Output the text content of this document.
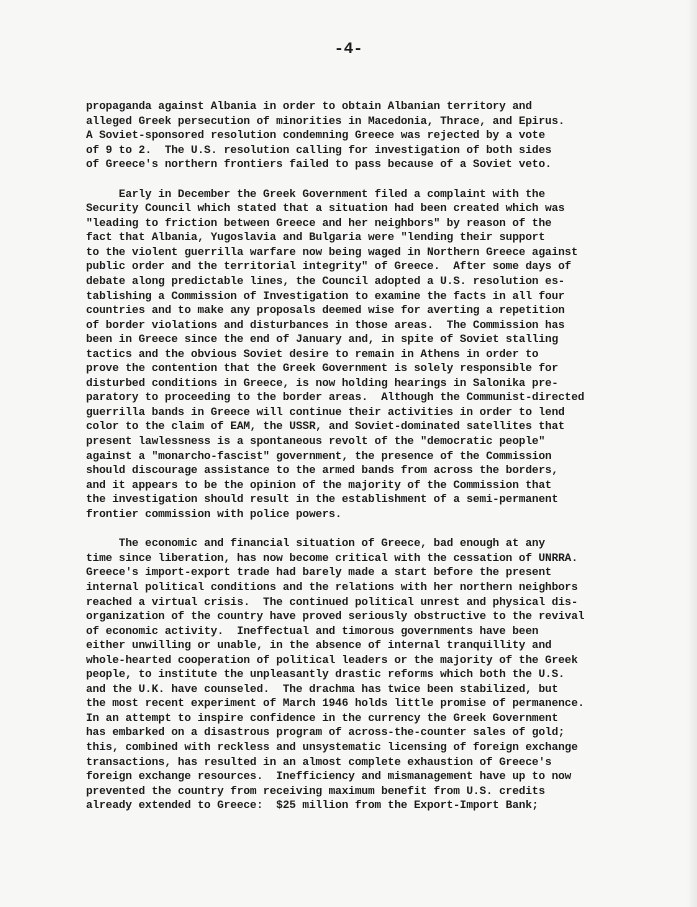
-4-
propaganda against Albania in order to obtain Albanian territory and
alleged Greek persecution of minorities in Macedonia, Thrace, and Epirus.
A Soviet-sponsored resolution condemning Greece was rejected by a vote
of 9 to 2.  The U.S. resolution calling for investigation of both sides
of Greece's northern frontiers failed to pass because of a Soviet veto.
Early in December the Greek Government filed a complaint with the
Security Council which stated that a situation had been created which was
"leading to friction between Greece and her neighbors" by reason of the
fact that Albania, Yugoslavia and Bulgaria were "lending their support
to the violent guerrilla warfare now being waged in Northern Greece against
public order and the territorial integrity" of Greece.  After some days of
debate along predictable lines, the Council adopted a U.S. resolution es-
tablishing a Commission of Investigation to examine the facts in all four
countries and to make any proposals deemed wise for averting a repetition
of border violations and disturbances in those areas.  The Commission has
been in Greece since the end of January and, in spite of Soviet stalling
tactics and the obvious Soviet desire to remain in Athens in order to
prove the contention that the Greek Government is solely responsible for
disturbed conditions in Greece, is now holding hearings in Salonika pre-
paratory to proceeding to the border areas.  Although the Communist-directed
guerrilla bands in Greece will continue their activities in order to lend
color to the claim of EAM, the USSR, and Soviet-dominated satellites that
present lawlessness is a spontaneous revolt of the "democratic people"
against a "monarcho-fascist" government, the presence of the Commission
should discourage assistance to the armed bands from across the borders,
and it appears to be the opinion of the majority of the Commission that
the investigation should result in the establishment of a semi-permanent
frontier commission with police powers.
The economic and financial situation of Greece, bad enough at any
time since liberation, has now become critical with the cessation of UNRRA.
Greece's import-export trade had barely made a start before the present
internal political conditions and the relations with her northern neighbors
reached a virtual crisis.  The continued political unrest and physical dis-
organization of the country have proved seriously obstructive to the revival
of economic activity.  Ineffectual and timorous governments have been
either unwilling or unable, in the absence of internal tranquillity and
whole-hearted cooperation of political leaders or the majority of the Greek
people, to institute the unpleasantly drastic reforms which both the U.S.
and the U.K. have counseled.  The drachma has twice been stabilized, but
the most recent experiment of March 1946 holds little promise of permanence.
In an attempt to inspire confidence in the currency the Greek Government
has embarked on a disastrous program of across-the-counter sales of gold;
this, combined with reckless and unsystematic licensing of foreign exchange
transactions, has resulted in an almost complete exhaustion of Greece's
foreign exchange resources.  Inefficiency and mismanagement have up to now
prevented the country from receiving maximum benefit from U.S. credits
already extended to Greece:  $25 million from the Export-Import Bank;
